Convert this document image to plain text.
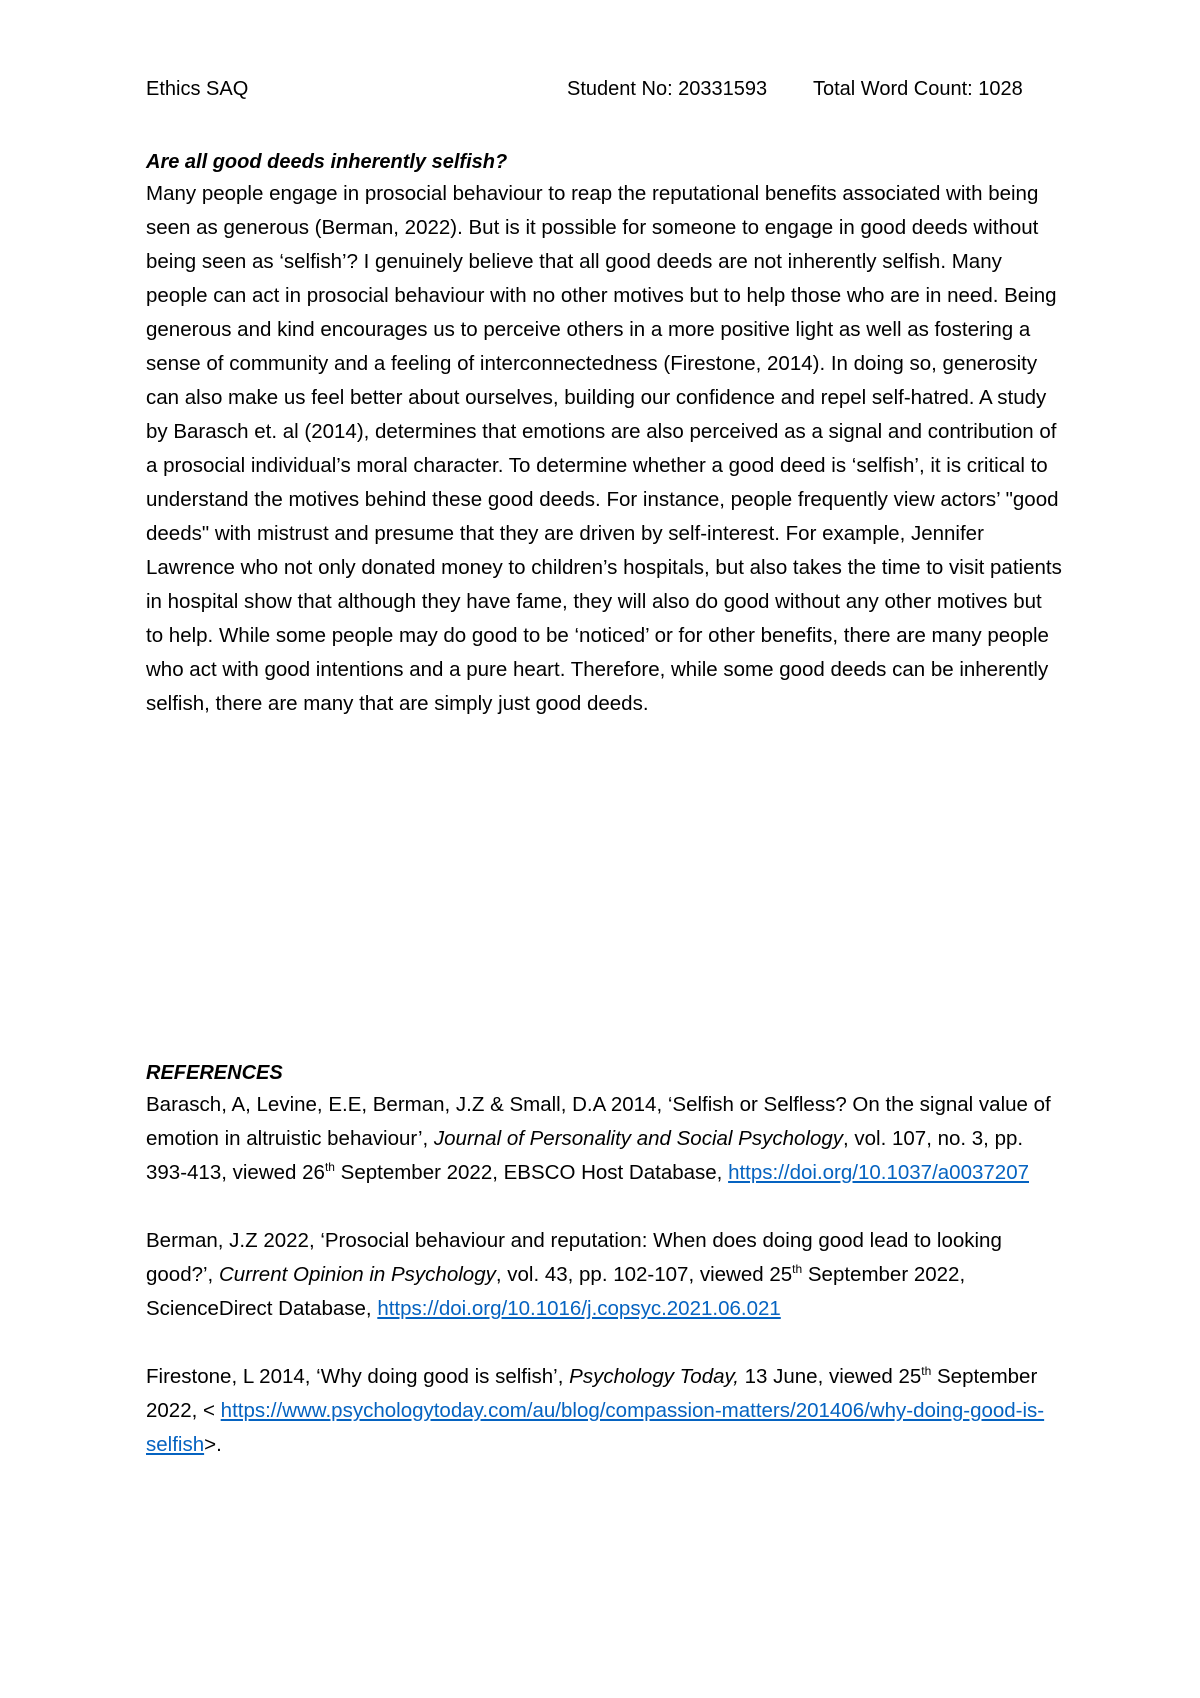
Ethics SAQ	Student No: 20331593 Total Word Count: 1028

Are all good deeds inherently selfish?

Many people engage in prosocial behaviour to reap the reputational benefits associated with being seen as generous (Berman, 2022). But is it possible for someone to engage in good deeds without being seen as ‘selfish’? I genuinely believe that all good deeds are not inherently selfish. Many people can act in prosocial behaviour with no other motives but to help those who are in need. Being generous and kind encourages us to perceive others in a more positive light as well as fostering a sense of community and a feeling of interconnectedness (Firestone, 2014). In doing so, generosity can also make us feel better about ourselves, building our confidence and repel self-hatred. A study by Barasch et. al (2014), determines that emotions are also perceived as a signal and contribution of a prosocial individual’s moral character. To determine whether a good deed is ‘selfish’, it is critical to understand the motives behind these good deeds. For instance, people frequently view actors’ "good deeds" with mistrust and presume that they are driven by self-interest. For example, Jennifer Lawrence who not only donated money to children’s hospitals, but also takes the time to visit patients in hospital show that although they have fame, they will also do good without any other motives but to help. While some people may do good to be ‘noticed’ or for other benefits, there are many people who act with good intentions and a pure heart. Therefore, while some good deeds can be inherently selfish, there are many that are simply just good deeds.

REFERENCES

Barasch, A, Levine, E.E, Berman, J.Z & Small, D.A 2014, ‘Selfish or Selfless? On the signal value of emotion in altruistic behaviour’, Journal of Personality and Social Psychology, vol. 107, no. 3, pp. 393-413, viewed 26th September 2022, EBSCO Host Database, https://doi.org/10.1037/a0037207

Berman, J.Z 2022, ‘Prosocial behaviour and reputation: When does doing good lead to looking good?’, Current Opinion in Psychology, vol. 43, pp. 102-107, viewed 25th September 2022, ScienceDirect Database, https://doi.org/10.1016/j.copsyc.2021.06.021

Firestone, L 2014, ‘Why doing good is selfish’, Psychology Today, 13 June, viewed 25th September 2022, < https://www.psychologytoday.com/au/blog/compassion-matters/201406/why-doing-good-is-selfish>.
